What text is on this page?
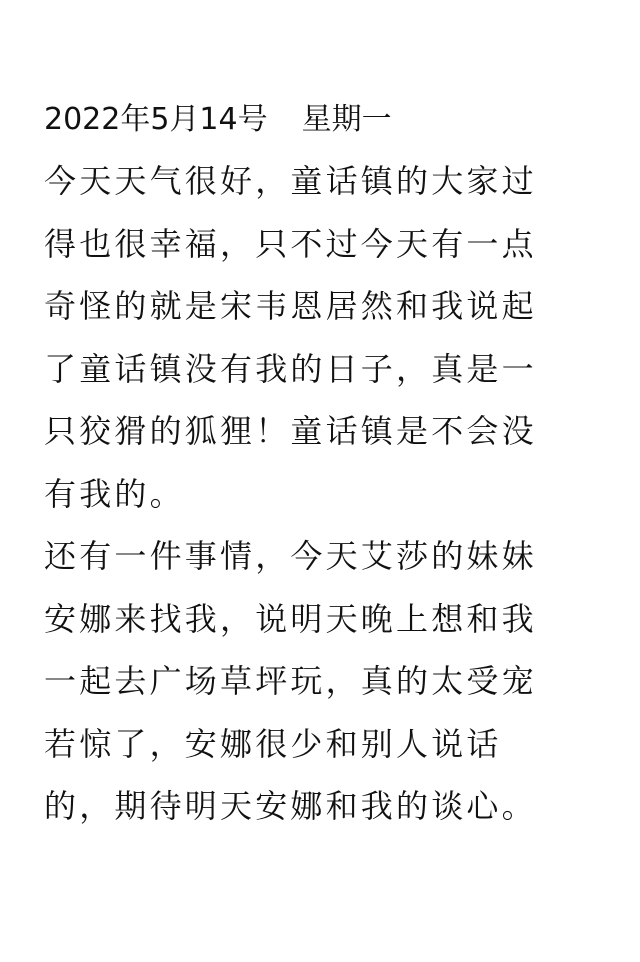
2022年5月14号 星期一
今天天气很好，童话镇的大家过
得也很幸福，只不过今天有一点
奇怪的就是宋韦恩居然和我说起
了童话镇没有我的日子，真是一
只狡猾的狐狸！童话镇是不会没
有我的。
还有一件事情，今天艾莎的妹妹
安娜来找我，说明天晚上想和我
一起去广场草坪玩，真的太受宠
若惊了，安娜很少和别人说话
的，期待明天安娜和我的谈心。
